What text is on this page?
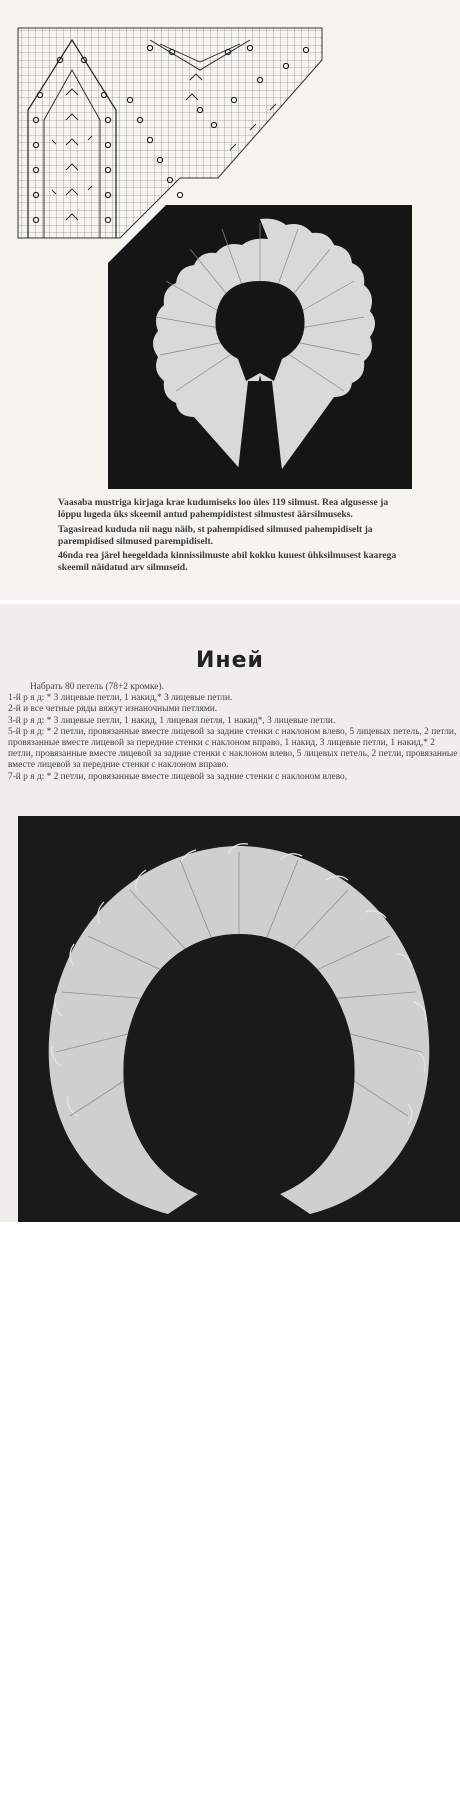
Vaasaba mustriga kirjaga krae kudumiseks loo üles 119 silmust. Rea algusesse ja lõppu lugeda üks skeemil antud pahempidistest silmustest äärsilmuseks.

Tagasiread kududa nii nagu näib, st pahempidised silmused pahempidiselt ja parempidised silmused parempidiselt.

46nda rea järel heegeldada kinnissilmuste abil kokku kuuest ühksilmusest kaarega skeemil näidatud arv silmuseid.

Иней

Набрать 80 петель (78+2 кромке).

1-й р я д: * 3 лицевые петли, 1 накид,* 3 лицевые петли.

2-й и все четные ряды вяжут изнаночными петлями.

3-й р я д: * 3 лицевые петли, 1 накид, 1 лицевая петля, 1 накид*, 3 лицевые петли.

5-й р я д: * 2 петли, провязанные вместе лицевой за задние стенки с наклоном влево, 5 лицевых петель, 2 петли, провязанные вместе лицевой за передние стенки с наклоном вправо, 1 накид, 3 лицевые петли, 1 накид,* 2 петли, провязанные вместе лицевой за задние стенки с наклоном влево, 5 лицевых петель, 2 петли, провязанные вместе лицевой за передние стенки с наклоном вправо.

7-й р я д: * 2 петли, провязанные вместе лицевой за задние стенки с наклоном влево,

postila.ru
